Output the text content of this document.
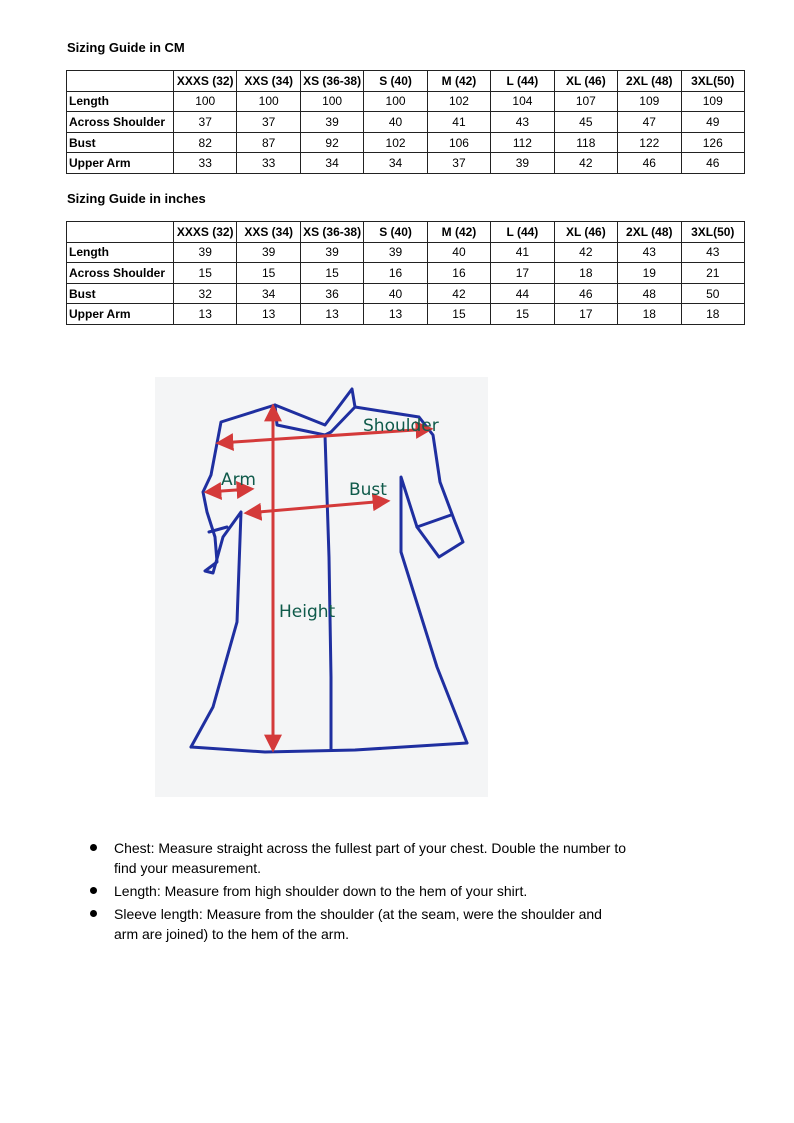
Sizing Guide in CM
	XXXS (32)	XXS (34)	XS (36-38)	S (40)	M (42)	L (44)	XL (46)	2XL (48)	3XL(50)
Length	100	100	100	100	102	104	107	109	109
Across Shoulder	37	37	39	40	41	43	45	47	49
Bust	82	87	92	102	106	112	118	122	126
Upper Arm	33	33	34	34	37	39	42	46	46
Sizing Guide in inches
	XXXS (32)	XXS (34)	XS (36-38)	S (40)	M (42)	L (44)	XL (46)	2XL (48)	3XL(50)
Length	39	39	39	39	40	41	42	43	43
Across Shoulder	15	15	15	16	16	17	18	19	21
Bust	32	34	36	40	42	44	46	48	50
Upper Arm	13	13	13	13	15	15	17	18	18
Shoulder
Arm	Bust
Height
Chest: Measure straight across the fullest part of your chest. Double the number to find your measurement.
Length: Measure from high shoulder down to the hem of your shirt.
Sleeve length: Measure from the shoulder (at the seam, were the shoulder and arm are joined) to the hem of the arm.
